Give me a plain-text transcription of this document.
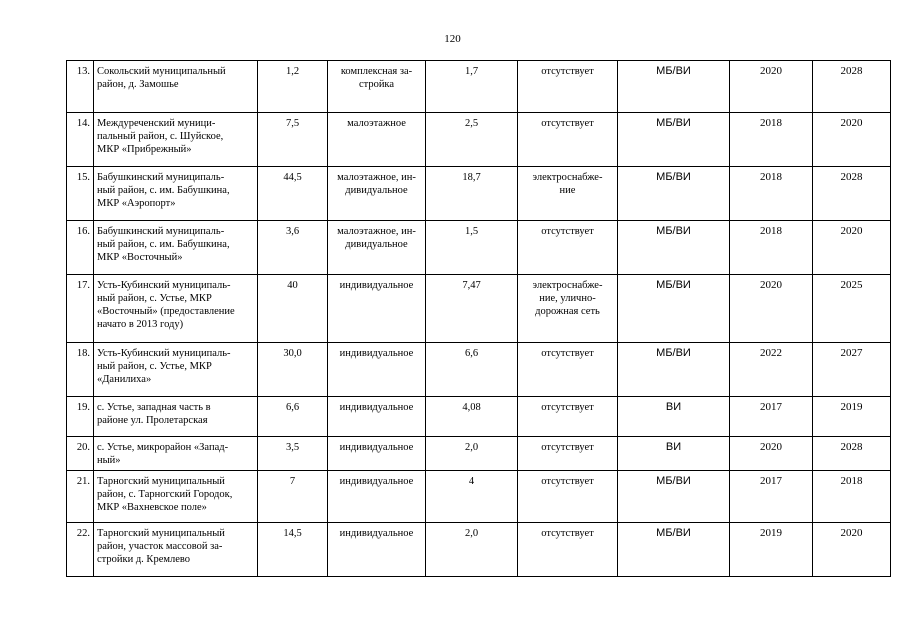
120
13.	Сокольский муниципальный
район, д. Замошье	1,2	комплексная за-
стройка	1,7	отсутствует	МБ/ВИ	2020	2028
14.	Междуреченский муници-
пальный район, с. Шуйское,
МКР «Прибрежный»	7,5	малоэтажное	2,5	отсутствует	МБ/ВИ	2018	2020
15.	Бабушкинский муниципаль-
ный район, с. им. Бабушкина,
МКР «Аэропорт»	44,5	малоэтажное, ин-
дивидуальное	18,7	электроснабже-
ние	МБ/ВИ	2018	2028
16.	Бабушкинский муниципаль-
ный район, с. им. Бабушкина,
МКР «Восточный»	3,6	малоэтажное, ин-
дивидуальное	1,5	отсутствует	МБ/ВИ	2018	2020
17.	Усть-Кубинский муниципаль-
ный район, с. Устье, МКР
«Восточный» (предоставление
начато в 2013 году)	40	индивидуальное	7,47	электроснабже-
ние, улично-
дорожная сеть	МБ/ВИ	2020	2025
18.	Усть-Кубинский муниципаль-
ный район, с. Устье, МКР
«Данилиха»	30,0	индивидуальное	6,6	отсутствует	МБ/ВИ	2022	2027
19.	с. Устье, западная часть в
районе ул. Пролетарская	6,6	индивидуальное	4,08	отсутствует	ВИ	2017	2019
20.	с. Устье, микрорайон «Запад-
ный»	3,5	индивидуальное	2,0	отсутствует	ВИ	2020	2028
21.	Тарногский муниципальный
район, с. Тарногский Городок,
МКР «Вахневское поле»	7	индивидуальное	4	отсутствует	МБ/ВИ	2017	2018
22.	Тарногский муниципальный
район, участок массовой за-
стройки д. Кремлево	14,5	индивидуальное	2,0	отсутствует	МБ/ВИ	2019	2020
